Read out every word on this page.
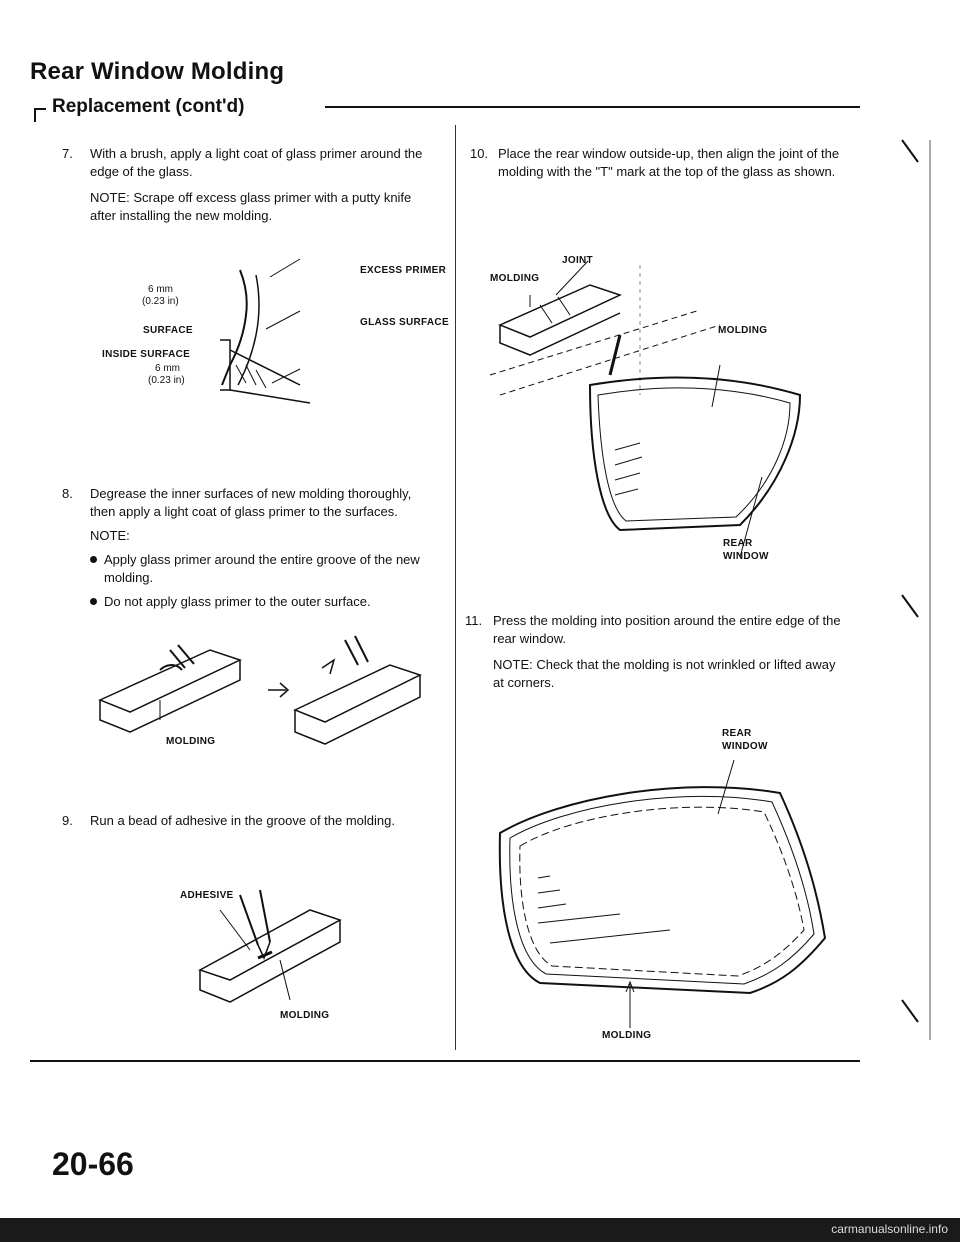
Rear Window Molding
Replacement (cont'd)
7. With a brush, apply a light coat of glass primer around the edge of the glass.

NOTE: Scrape off excess glass primer with a putty knife after installing the new molding.

EXCESS PRIMER
GLASS SURFACE
6 mm
(0.23 in)
SURFACE
INSIDE SURFACE
6 mm
(0.23 in)
8. Degrease the inner surfaces of new molding thoroughly, then apply a light coat of glass primer to the surfaces.

NOTE:

Apply glass primer around the entire groove of the new molding.

Do not apply glass primer to the outer surface.

MOLDING
9. Run a bead of adhesive in the groove of the molding.

ADHESIVE
MOLDING
10. Place the rear window outside-up, then align the joint of the molding with the "T" mark at the top of the glass as shown.

JOINT
MOLDING
MOLDING
REAR
WINDOW
11. Press the molding into position around the entire edge of the rear window.

NOTE: Check that the molding is not wrinkled or lifted away at corners.

REAR
WINDOW
MOLDING
20-66
carmanualsonline.info
